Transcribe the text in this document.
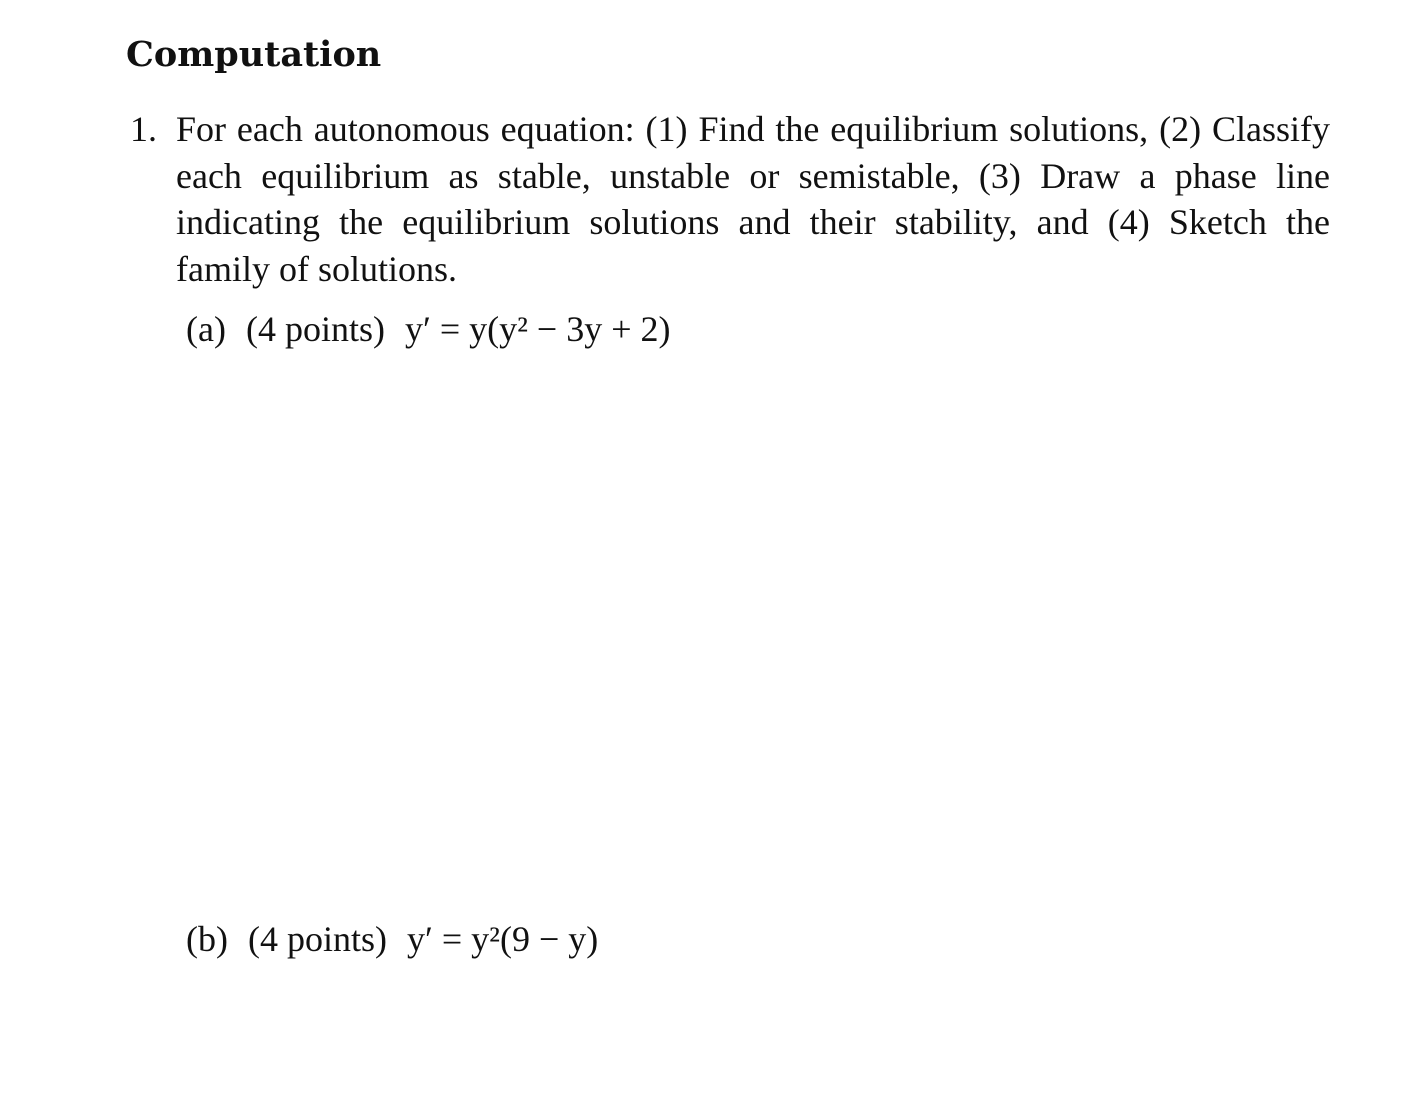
Computation
1. For each autonomous equation: (1) Find the equilibrium solutions, (2) Classify each equilibrium as stable, unstable or semistable, (3) Draw a phase line indicating the equilibrium solutions and their stability, and (4) Sketch the family of solutions.

(a) (4 points) y′ = y(y² − 3y + 2)
(b) (4 points) y′ = y²(9 − y)
